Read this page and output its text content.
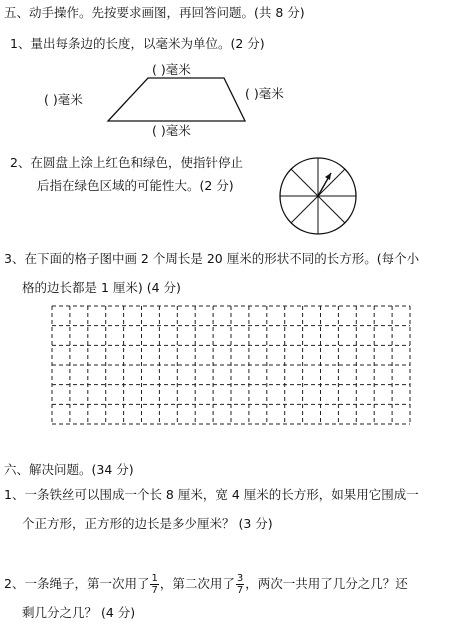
五、动手操作。先按要求画图，再回答问题。(共 8 分)
1、量出每条边的长度，以毫米为单位。(2 分)
( )毫米
( )毫米	( )毫米
( )毫米
2、在圆盘上涂上红色和绿色，使指针停止
后指在绿色区域的可能性大。(2 分)
3、在下面的格子图中画 2 个周长是 20 厘米的形状不同的长方形。(每个小
格的边长都是 1 厘米) (4 分)
六、解决问题。(34 分)
1、一条铁丝可以围成一个长 8 厘米，宽 4 厘米的长方形，如果用它围成一
个正方形，正方形的边长是多少厘米？ (3 分)
2、一条绳子，第一次用了 $\frac{1}{7}$ ，第二次用了 $\frac{3}{7}$ ，两次一共用了几分之几？还
剩几分之几？ (4 分)
